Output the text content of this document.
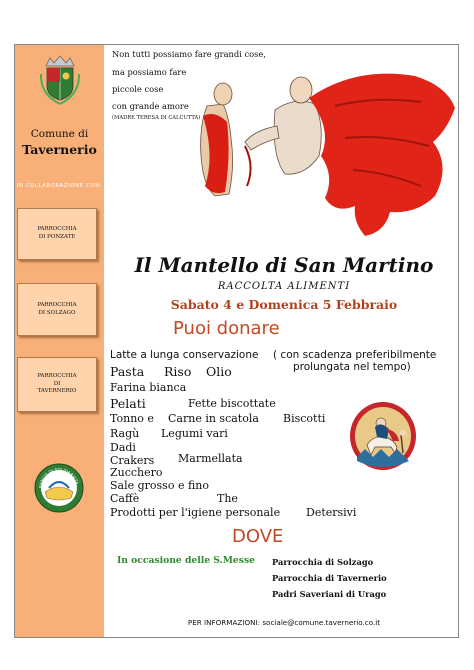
Comune di
Tavernerio
IN COLLABORAZIONE CON:
PARROCCHIA
DI PONZATE
PARROCCHIA
DI SOLZAGO
PARROCCHIA
DI
TAVERNERIO
BANCO DI SOLIDARIETÀ
Non tutti possiamo fare grandi cose,
ma possiamo fare
piccole cose
con grande amore
(MADRE TERESA DI CALCUTTA)
Il Mantello di San Martino
RACCOLTA ALIMENTI
Sabato 4 e Domenica 5 Febbraio
Puoi donare
Latte a lunga conservazione ( con scadenza preferibilmente
prolungata nel tempo)
Pasta Riso Olio
Farina bianca
Pelati	Fette biscottate
Tonno e Carne in scatola Biscotti
Ragù Legumi vari
Dadi
Crakers Marmellata
Zucchero
Sale grosso e fino
Caffè	The
Prodotti per l'igiene personale Detersivi
DOVE
In occasione delle S.Messe Parrocchia di Solzago
Parrocchia di Tavernerio
Padri Saveriani di Urago
PER INFORMAZIONI: sociale@comune.tavernerio.co.it
